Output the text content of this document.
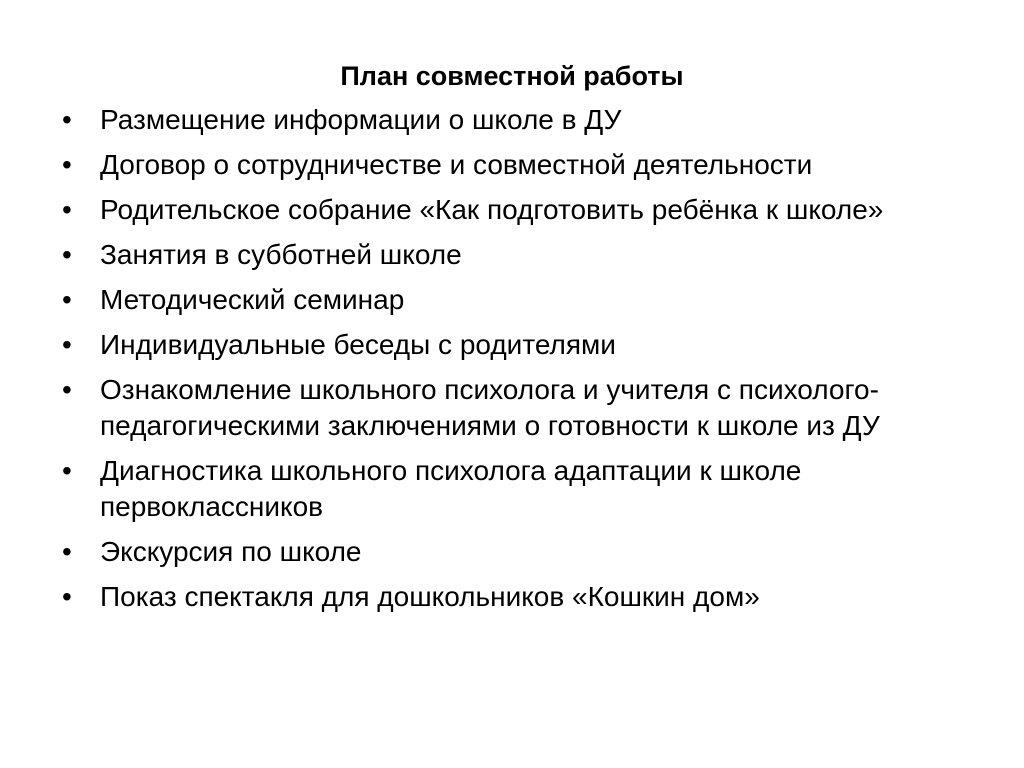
План совместной работы
•	Размещение информации о школе в ДУ
•	Договор о сотрудничестве и совместной деятельности
•	Родительское собрание «Как подготовить ребёнка к школе»
•	Занятия в субботней школе
•	Методический семинар
•	Индивидуальные беседы с родителями
•	Ознакомление школьного психолога и учителя с психолого-педагогическими заключениями о готовности к школе из ДУ
•	Диагностика школьного психолога адаптации к школе первоклассников
•	Экскурсия по школе
•	Показ спектакля для дошкольников «Кошкин дом»
